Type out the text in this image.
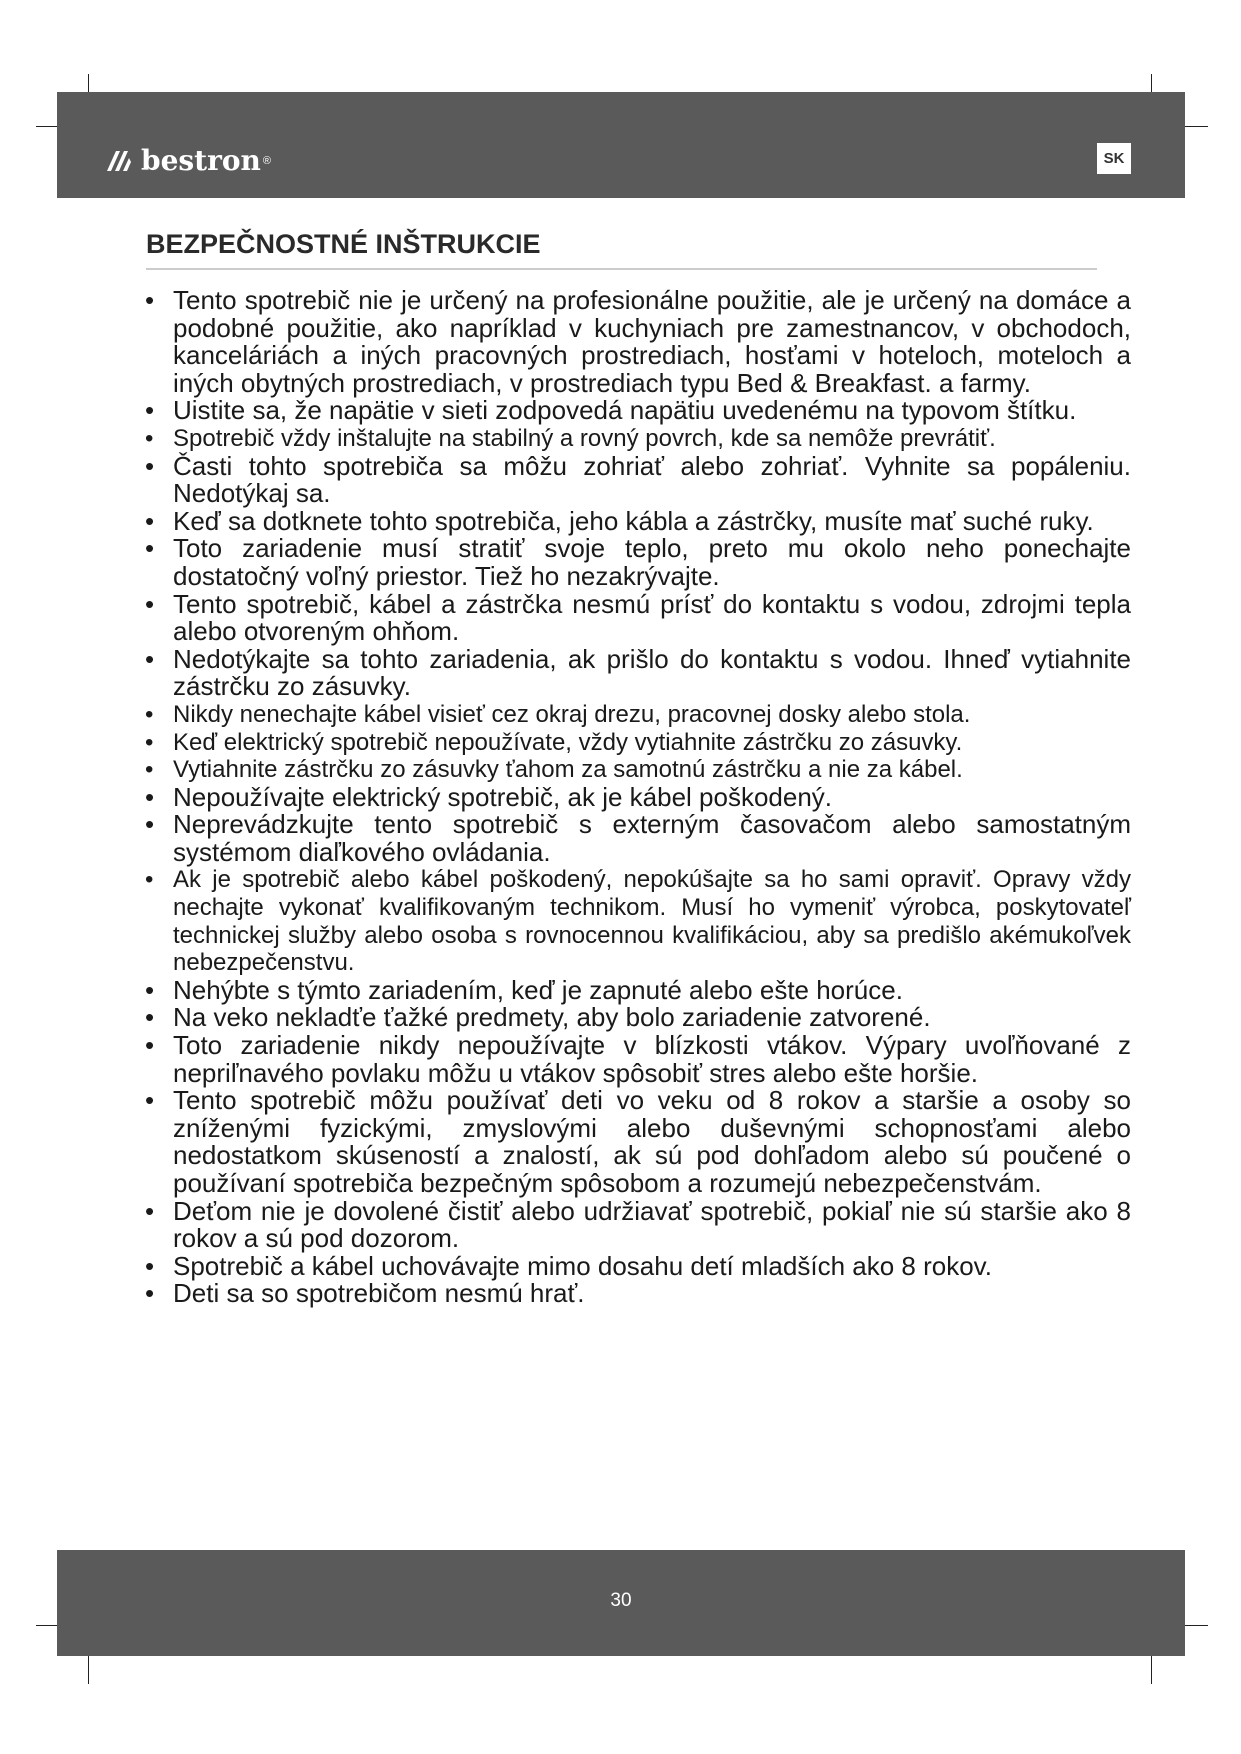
bestron ®	SK
BEZPEČNOSTNÉ INŠTRUKCIE
• Tento spotrebič nie je určený na profesionálne použitie, ale je určený na domáce a podobné použitie, ako napríklad v kuchyniach pre zamestnancov, v obchodoch, kanceláriách a iných pracovných prostrediach, hosťami v hoteloch, moteloch a iných obytných prostrediach, v prostrediach typu Bed & Breakfast. a farmy.
• Uistite sa, že napätie v sieti zodpovedá napätiu uvedenému na typovom štítku.
• Spotrebič vždy inštalujte na stabilný a rovný povrch, kde sa nemôže prevrátiť.
• Časti tohto spotrebiča sa môžu zohriať alebo zohriať. Vyhnite sa popáleniu. Nedotýkaj sa.
• Keď sa dotknete tohto spotrebiča, jeho kábla a zástrčky, musíte mať suché ruky.
• Toto zariadenie musí stratiť svoje teplo, preto mu okolo neho ponechajte dostatočný voľný priestor. Tiež ho nezakrývajte.
• Tento spotrebič, kábel a zástrčka nesmú prísť do kontaktu s vodou, zdrojmi tepla alebo otvoreným ohňom.
• Nedotýkajte sa tohto zariadenia, ak prišlo do kontaktu s vodou. Ihneď vytiahnite zástrčku zo zásuvky.
• Nikdy nenechajte kábel visieť cez okraj drezu, pracovnej dosky alebo stola.
• Keď elektrický spotrebič nepoužívate, vždy vytiahnite zástrčku zo zásuvky.
• Vytiahnite zástrčku zo zásuvky ťahom za samotnú zástrčku a nie za kábel.
• Nepoužívajte elektrický spotrebič, ak je kábel poškodený.
• Neprevádzkujte tento spotrebič s externým časovačom alebo samostatným systémom diaľkového ovládania.
• Ak je spotrebič alebo kábel poškodený, nepokúšajte sa ho sami opraviť. Opravy vždy nechajte vykonať kvalifikovaným technikom. Musí ho vymeniť výrobca, poskytovateľ technickej služby alebo osoba s rovnocennou kvalifikáciou, aby sa predišlo akémukoľvek nebezpečenstvu.
• Nehýbte s týmto zariadením, keď je zapnuté alebo ešte horúce.
• Na veko nekladťe ťažké predmety, aby bolo zariadenie zatvorené.
• Toto zariadenie nikdy nepoužívajte v blízkosti vtákov. Výpary uvoľňované z nepriľnavého povlaku môžu u vtákov spôsobiť stres alebo ešte horšie.
• Tento spotrebič môžu používať deti vo veku od 8 rokov a staršie a osoby so zníženými fyzickými, zmyslovými alebo duševnými schopnosťami alebo nedostatkom skúseností a znalostí, ak sú pod dohľadom alebo sú poučené o používaní spotrebiča bezpečným spôsobom a rozumejú nebezpečenstvám.
• Deťom nie je dovolené čistiť alebo udržiavať spotrebič, pokiaľ nie sú staršie ako 8 rokov a sú pod dozorom.
• Spotrebič a kábel uchovávajte mimo dosahu detí mladších ako 8 rokov.
• Deti sa so spotrebičom nesmú hrať.
30
